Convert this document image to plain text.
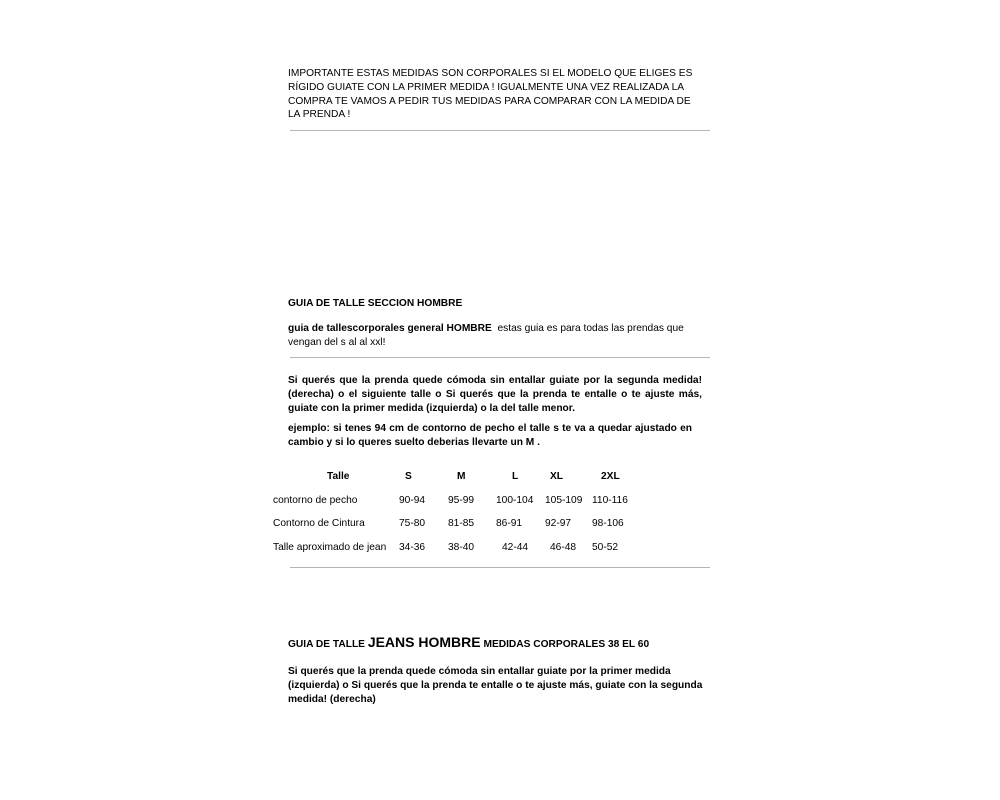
IMPORTANTE ESTAS MEDIDAS SON CORPORALES SI EL MODELO QUE ELIGES ES

RÍGIDO GUIATE CON LA PRIMER MEDIDA ! IGUALMENTE UNA VEZ REALIZADA LA

COMPRA TE VAMOS A PEDIR TUS MEDIDAS PARA COMPARAR CON LA MEDIDA DE

LA PRENDA !

GUIA DE TALLE SECCION HOMBRE

guia de tallescorporales general HOMBRE  estas guia es para todas las prendas que

vengan del s al al xxl!

Si querés que la prenda quede cómoda sin entallar guiate por la segunda medida! (derecha) o el siguiente talle o Si querés que la prenda te entalle o te ajuste más, guiate con la primer medida (izquierda) o la del talle menor.

ejemplo: si tenes 94 cm de contorno de pecho el talle s te va a quedar ajustado en cambio y si lo queres suelto deberias llevarte un M .

Talle	S	M	L	XL	2XL
contorno de pecho	90-94 95-99 100-104 105-109 110-116
Contorno de Cintura	75-80 81-85 86-91 92-97 98-106
Talle aproximado de jean 34-36 38-40	42-44 46-48 50-52
GUIA DE TALLE JEANS HOMBRE MEDIDAS CORPORALES 38 EL 60

Si querés que la prenda quede cómoda sin entallar guiate por la primer medida

(izquierda) o Si querés que la prenda te entalle o te ajuste más, guiate con la segunda

medida! (derecha)
